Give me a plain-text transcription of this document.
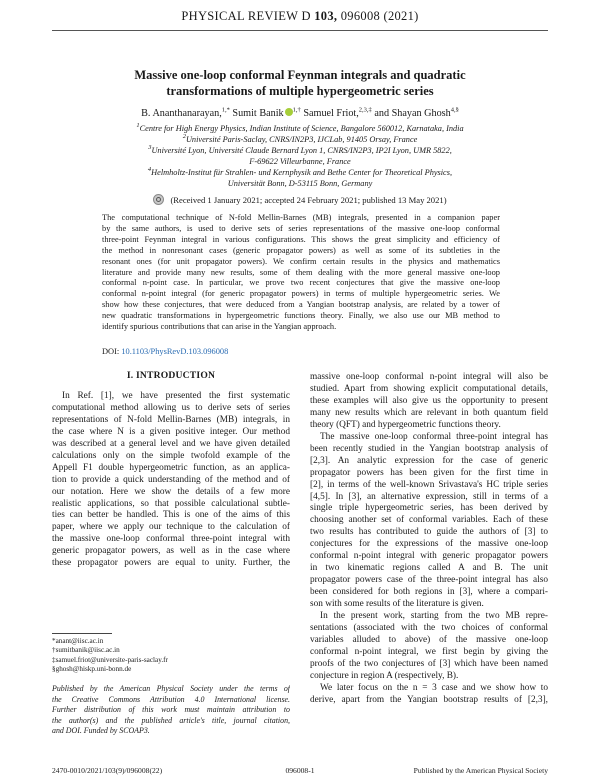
PHYSICAL REVIEW D 103, 096008 (2021)
Massive one-loop conformal Feynman integrals and quadratic
transformations of multiple hypergeometric series
B. Ananthanarayan,$^{1,*}$ Sumit Banik $^{1,\dagger}$ Samuel Friot,$^{2,3,\ddagger}$ and Shayan Ghosh$^{4,\S}$
$^1$Centre for High Energy Physics, Indian Institute of Science, Bangalore 560012, Karnataka, India
$^2$Université Paris-Saclay, CNRS/IN2P3, IJCLab, 91405 Orsay, France
$^3$Université Lyon, Université Claude Bernard Lyon 1, CNRS/IN2P3, IP2I Lyon, UMR 5822,
F-69622 Villeurbanne, France
$^4$Helmholtz-Institut für Strahlen- und Kernphysik and Bethe Center for Theoretical Physics,
Universität Bonn, D-53115 Bonn, Germany
(Received 1 January 2021; accepted 24 February 2021; published 13 May 2021)
The computational technique of N-fold Mellin-Barnes (MB) integrals, presented in a companion paper
by the same authors, is used to derive sets of series representations of the massive one-loop conformal
three-point Feynman integral in various configurations. This shows the great simplicity and efficiency of
the method in nonresonant cases (generic propagator powers) as well as some of its subtleties in the
resonant ones (for unit propagator powers). We confirm certain results in the physics and mathematics
literature and provide many new results, some of them dealing with the more general massive one-loop
conformal n-point case. In particular, we prove two recent conjectures that give the massive one-loop
conformal n-point integral (for generic propagator powers) in terms of multiple hypergeometric series. We
show how these conjectures, that were deduced from a Yangian bootstrap analysis, are related by a tower of
new quadratic transformations in hypergeometric functions theory. Finally, we also use our MB method to
identify spurious contributions that can arise in the Yangian approach.
DOI: 10.1103/PhysRevD.103.096008
I. INTRODUCTION
In Ref. [1], we have presented the first systematic
computational method allowing us to derive sets of series
representations of N-fold Mellin-Barnes (MB) integrals, in
the case where N is a given positive integer. Our method
was described at a general level and we have given detailed
calculations only on the simple twofold example of the
Appell F1 double hypergeometric function, as an applica-
tion to provide a quick understanding of the method and of
our notation. Here we show the details of a few more
realistic applications, so that possible calculational subtle-
ties can better be handled. This is one of the aims of this
paper, where we apply our technique to the calculation of
the massive one-loop conformal three-point integral with
generic propagator powers, as well as in the case where
these propagator powers are equal to unity. Further, the
massive one-loop conformal n-point integral will also be
studied. Apart from showing explicit computational details,
these examples will also give us the opportunity to present
many new results which are relevant in both quantum field
theory (QFT) and hypergeometric functions theory.
The massive one-loop conformal three-point integral has
been recently studied in the Yangian bootstrap analysis of
[2,3]. An analytic expression for the case of generic
propagator powers has been given for the first time in
[2], in terms of the well-known Srivastava's HC triple series
[4,5]. In [3], an alternative expression, still in terms of a
single triple hypergeometric series, has been derived by
choosing another set of conformal variables. Each of these
two results has contributed to guide the authors of [3] to
conjectures for the expressions of the massive one-loop
conformal n-point integral with generic propagator powers
in two kinematic regions called A and B. The unit
propagator powers case of the three-point integral has also
been considered for both regions in [3], where a compari-
son with some results of the literature is given.
In the present work, starting from the two MB repre-
sentations (associated with the two choices of conformal
variables alluded to above) of the massive one-loop
conformal n-point integral, we first begin by giving the
proofs of the two conjectures of [3] which have been named
conjecture in region A (respectively, B).
We later focus on the n = 3 case and we show how to
derive, apart from the Yangian bootstrap results of [2,3],
*anant@iisc.ac.in
†sumitbanik@iisc.ac.in
‡samuel.friot@universite-paris-saclay.fr
§ghosh@hiskp.uni-bonn.de
Published by the American Physical Society under the terms of
the Creative Commons Attribution 4.0 International license.
Further distribution of this work must maintain attribution to
the author(s) and the published article's title, journal citation,
and DOI. Funded by SCOAP3.
096008-1
2470-0010/2021/103(9)/096008(22)	Published by the American Physical Society
